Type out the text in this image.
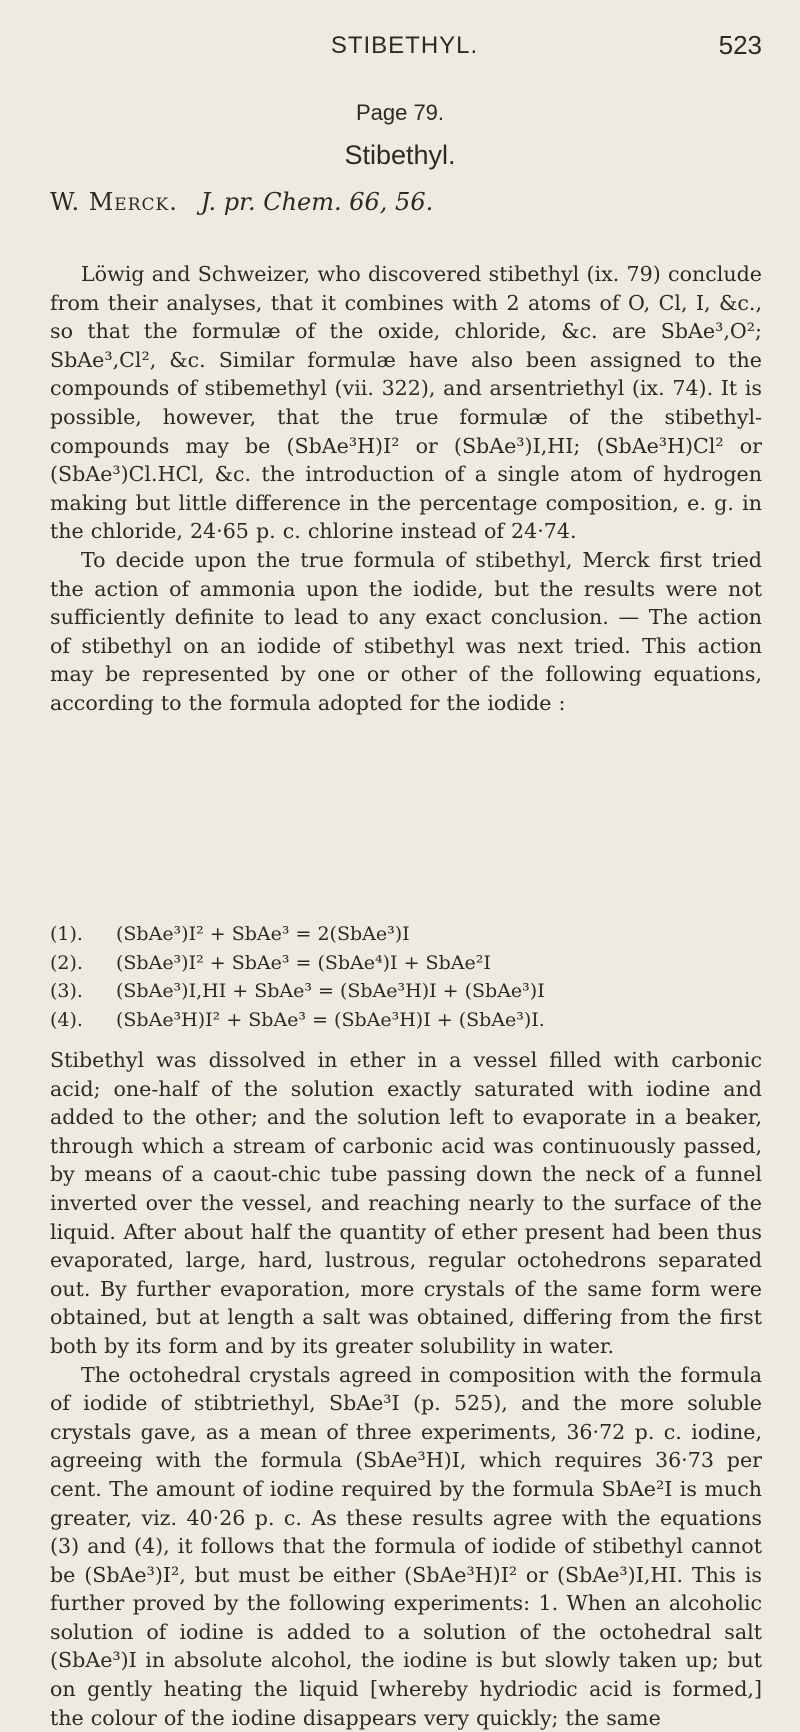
STIBETHYL.	523
Page 79.
Stibethyl.
W. Merck. J. pr. Chem. 66, 56.

Löwig and Schweizer, who discovered stibethyl (ix. 79) conclude from their analyses, that it combines with 2 atoms of O, Cl, I, &c., so that the formulæ of the oxide, chloride, &c. are SbAe³,O²; SbAe³,Cl², &c. Similar formulæ have also been assigned to the compounds of stibemethyl (vii. 322), and arsentriethyl (ix. 74). It is possible, however, that the true formulæ of the stibethyl-compounds may be (SbAe³H)I² or (SbAe³)I,HI; (SbAe³H)Cl² or (SbAe³)Cl.HCl, &c. the introduction of a single atom of hydrogen making but little difference in the percentage composition, e. g. in the chloride, 24·65 p. c. chlorine instead of 24·74.

To decide upon the true formula of stibethyl, Merck first tried the action of ammonia upon the iodide, but the results were not sufficiently definite to lead to any exact conclusion. — The action of stibethyl on an iodide of stibethyl was next tried. This action may be represented by one or other of the following equations, according to the formula adopted for the iodide :

(1). (SbAe³)I² + SbAe³ = 2(SbAe³)I
(2). (SbAe³)I² + SbAe³ = (SbAe⁴)I + SbAe²I
(3). (SbAe³)I,HI + SbAe³ = (SbAe³H)I + (SbAe³)I
(4). (SbAe³H)I² + SbAe³ = (SbAe³H)I + (SbAe³)I.

Stibethyl was dissolved in ether in a vessel filled with carbonic acid; one-half of the solution exactly saturated with iodine and added to the other; and the solution left to evaporate in a beaker, through which a stream of carbonic acid was continuously passed, by means of a caout-chic tube passing down the neck of a funnel inverted over the vessel, and reaching nearly to the surface of the liquid. After about half the quantity of ether present had been thus evaporated, large, hard, lustrous, regular octohedrons separated out. By further evaporation, more crystals of the same form were obtained, but at length a salt was obtained, differing from the first both by its form and by its greater solubility in water.

The octohedral crystals agreed in composition with the formula of iodide of stibtriethyl, SbAe³I (p. 525), and the more soluble crystals gave, as a mean of three experiments, 36·72 p. c. iodine, agreeing with the formula (SbAe³H)I, which requires 36·73 per cent. The amount of iodine required by the formula SbAe²I is much greater, viz. 40·26 p. c. As these results agree with the equations (3) and (4), it follows that the formula of iodide of stibethyl cannot be (SbAe³)I², but must be either (SbAe³H)I² or (SbAe³)I,HI. This is further proved by the following experiments: 1. When an alcoholic solution of iodine is added to a solution of the octohedral salt (SbAe³)I in absolute alcohol, the iodine is but slowly taken up; but on gently heating the liquid [whereby hydriodic acid is formed,] the colour of the iodine disappears very quickly; the same
